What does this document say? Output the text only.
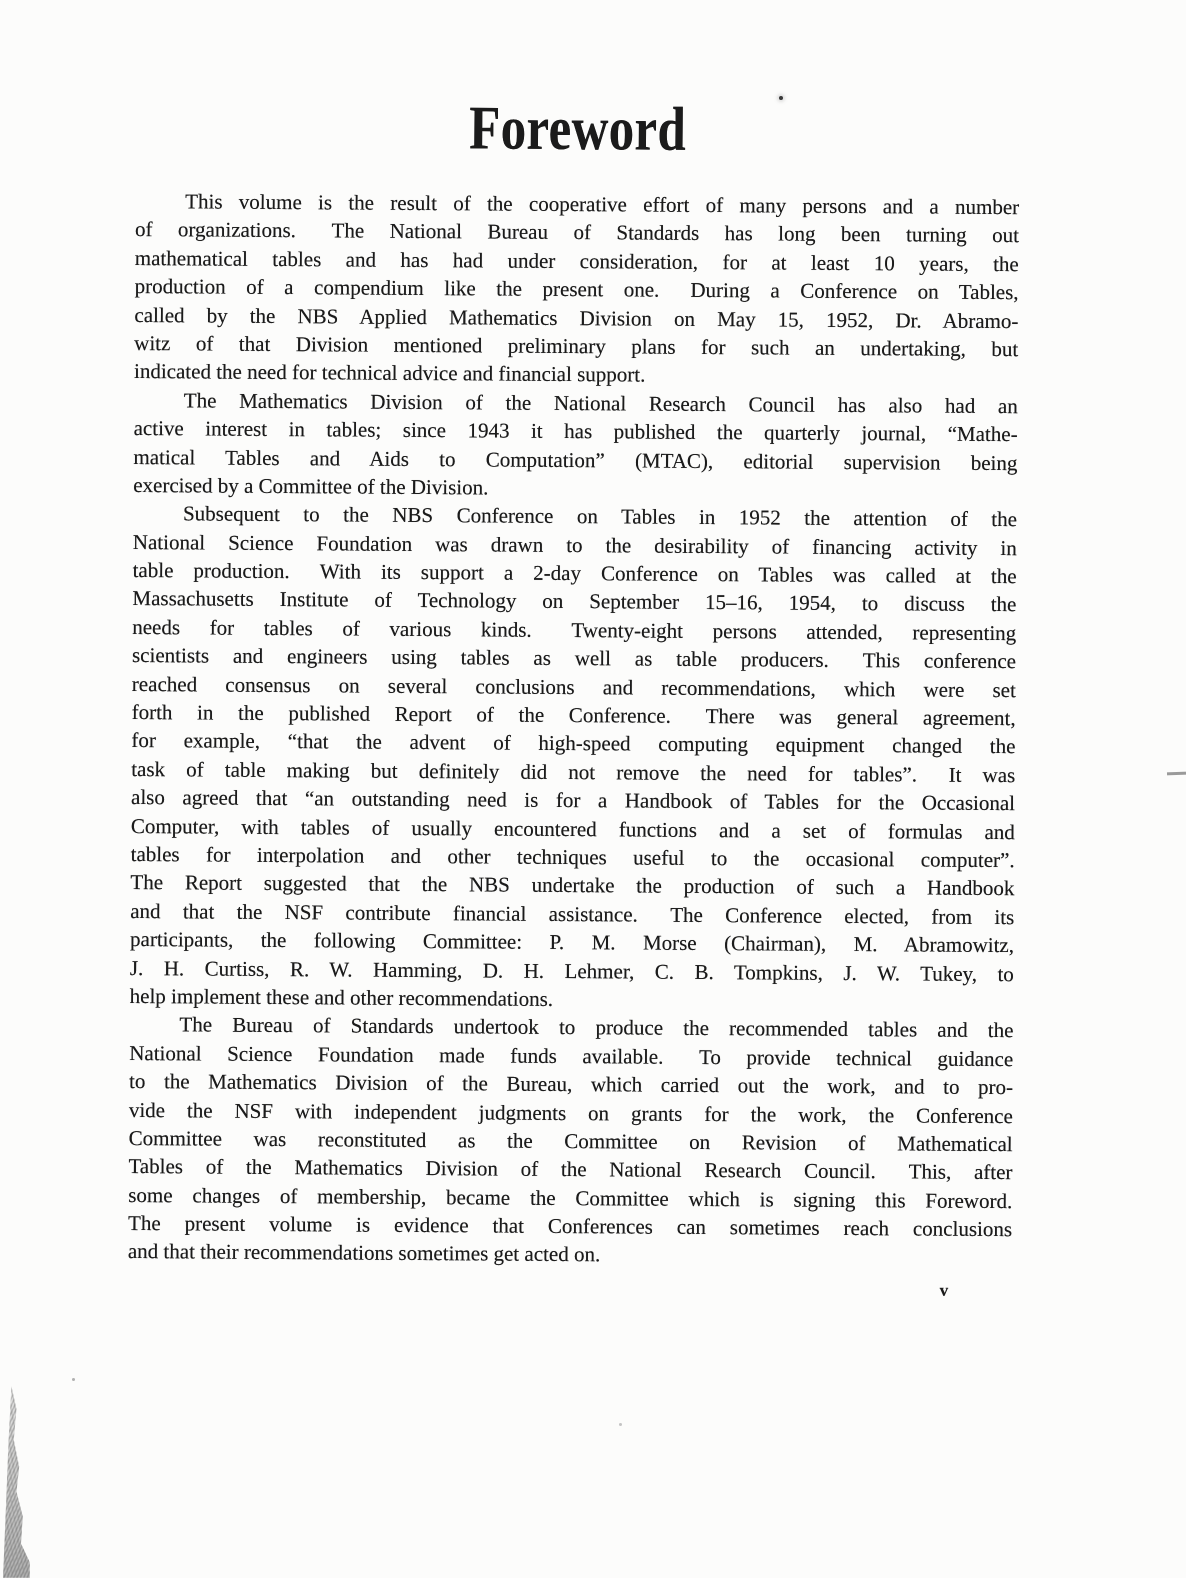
Foreword
This volume is the result of the cooperative effort of many persons and a number
of organizations.  The National Bureau of Standards has long been turning out
mathematical tables and has had under consideration, for at least 10 years, the
production of a compendium like the present one.  During a Conference on Tables,
called by the NBS Applied Mathematics Division on May 15, 1952, Dr. Abramo-
witz of that Division mentioned preliminary plans for such an undertaking, but
indicated the need for technical advice and financial support.
The Mathematics Division of the National Research Council has also had an
active interest in tables; since 1943 it has published the quarterly journal, “Mathe-
matical Tables and Aids to Computation” (MTAC), editorial supervision being
exercised by a Committee of the Division.
Subsequent to the NBS Conference on Tables in 1952 the attention of the
National Science Foundation was drawn to the desirability of financing activity in
table production.  With its support a 2-day Conference on Tables was called at the
Massachusetts Institute of Technology on September 15–16, 1954, to discuss the
needs for tables of various kinds.  Twenty-eight persons attended, representing
scientists and engineers using tables as well as table producers.  This conference
reached consensus on several conclusions and recommendations, which were set
forth in the published Report of the Conference.  There was general agreement,
for example, “that the advent of high-speed computing equipment changed the
task of table making but definitely did not remove the need for tables”.  It was
also agreed that “an outstanding need is for a Handbook of Tables for the Occasional
Computer, with tables of usually encountered functions and a set of formulas and
tables for interpolation and other techniques useful to the occasional computer”.
The Report suggested that the NBS undertake the production of such a Handbook
and that the NSF contribute financial assistance.  The Conference elected, from its
participants, the following Committee: P. M. Morse (Chairman), M. Abramowitz,
J. H. Curtiss, R. W. Hamming, D. H. Lehmer, C. B. Tompkins, J. W. Tukey, to
help implement these and other recommendations.
The Bureau of Standards undertook to produce the recommended tables and the
National Science Foundation made funds available.  To provide technical guidance
to the Mathematics Division of the Bureau, which carried out the work, and to pro-
vide the NSF with independent judgments on grants for the work, the Conference
Committee was reconstituted as the Committee on Revision of Mathematical
Tables of the Mathematics Division of the National Research Council.  This, after
some changes of membership, became the Committee which is signing this Foreword.
The present volume is evidence that Conferences can sometimes reach conclusions
and that their recommendations sometimes get acted on.
v
